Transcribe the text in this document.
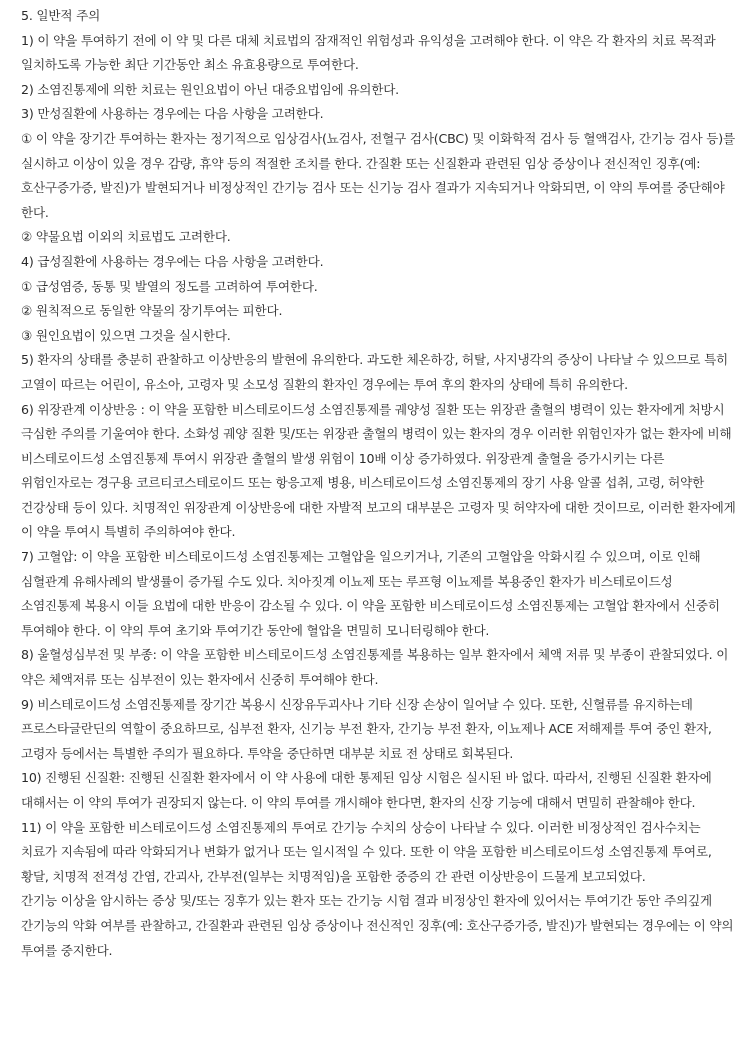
5. 일반적 주의

1) 이 약을 투여하기 전에 이 약 및 다른 대체 치료법의 잠재적인 위험성과 유익성을 고려해야 한다. 이 약은 각 환자의 치료 목적과 일치하도록 가능한 최단 기간동안 최소 유효용량으로 투여한다.

2) 소염진통제에 의한 치료는 원인요법이 아닌 대증요법임에 유의한다.

3) 만성질환에 사용하는 경우에는 다음 사항을 고려한다.

① 이 약을 장기간 투여하는 환자는 정기적으로 임상검사(뇨검사, 전혈구 검사(CBC) 및 이화학적 검사 등 혈액검사, 간기능 검사 등)를 실시하고 이상이 있을 경우 감량, 휴약 등의 적절한 조치를 한다. 간질환 또는 신질환과 관련된 임상 증상이나 전신적인 징후(예: 호산구증가증, 발진)가 발현되거나 비정상적인 간기능 검사 또는 신기능 검사 결과가 지속되거나 악화되면, 이 약의 투여를 중단해야 한다.

② 약물요법 이외의 치료법도 고려한다.

4) 급성질환에 사용하는 경우에는 다음 사항을 고려한다.

① 급성염증, 동통 및 발열의 정도를 고려하여 투여한다.

② 원칙적으로 동일한 약물의 장기투여는 피한다.

③ 원인요법이 있으면 그것을 실시한다.

5) 환자의 상태를 충분히 관찰하고 이상반응의 발현에 유의한다. 과도한 체온하강, 허탈, 사지냉각의 증상이 나타날 수 있으므로 특히 고열이 따르는 어린이, 유소아, 고령자 및 소모성 질환의 환자인 경우에는 투여 후의 환자의 상태에 특히 유의한다.

6) 위장관계 이상반응 : 이 약을 포함한 비스테로이드성 소염진통제를 궤양성 질환 또는 위장관 출혈의 병력이 있는 환자에게 처방시 극심한 주의를 기울여야 한다. 소화성 궤양 질환 및/또는 위장관 출혈의 병력이 있는 환자의 경우 이러한 위험인자가 없는 환자에 비해 비스테로이드성 소염진통제 투여시 위장관 출혈의 발생 위험이 10배 이상 증가하였다. 위장관계 출혈을 증가시키는 다른 위험인자로는 경구용 코르티코스테로이드 또는 항응고제 병용, 비스테로이드성 소염진통제의 장기 사용 알콜 섭취, 고령, 허약한 건강상태 등이 있다. 치명적인 위장관계 이상반응에 대한 자발적 보고의 대부분은 고령자 및 허약자에 대한 것이므로, 이러한 환자에게 이 약을 투여시 특별히 주의하여야 한다.

7) 고혈압: 이 약을 포함한 비스테로이드성 소염진통제는 고혈압을 일으키거나, 기존의 고혈압을 악화시킬 수 있으며, 이로 인해 심혈관계 유해사례의 발생률이 증가될 수도 있다. 치아짓계 이뇨제 또는 루프형 이뇨제를 복용중인 환자가 비스테로이드성 소염진통제 복용시 이들 요법에 대한 반응이 감소될 수 있다. 이 약을 포함한 비스테로이드성 소염진통제는 고혈압 환자에서 신중히 투여해야 한다. 이 약의 투여 초기와 투여기간 동안에 혈압을 면밀히 모니터링해야 한다.

8) 울혈성심부전 및 부종: 이 약을 포함한 비스테로이드성 소염진통제를 복용하는 일부 환자에서 체액 저류 및 부종이 관찰되었다. 이 약은 체액저류 또는 심부전이 있는 환자에서 신중히 투여해야 한다.

9) 비스테로이드성 소염진통제를 장기간 복용시 신장유두괴사나 기타 신장 손상이 일어날 수 있다. 또한, 신혈류를 유지하는데 프로스타글란딘의 역할이 중요하므로, 심부전 환자, 신기능 부전 환자, 간기능 부전 환자, 이뇨제나 ACE 저해제를 투여 중인 환자, 고령자 등에서는 특별한 주의가 필요하다. 투약을 중단하면 대부분 치료 전 상태로 회복된다.

10) 진행된 신질환: 진행된 신질환 환자에서 이 약 사용에 대한 통제된 임상 시험은 실시된 바 없다. 따라서, 진행된 신질환 환자에 대해서는 이 약의 투여가 권장되지 않는다. 이 약의 투여를 개시해야 한다면, 환자의 신장 기능에 대해서 면밀히 관찰해야 한다.

11) 이 약을 포함한 비스테로이드성 소염진통제의 투여로 간기능 수치의 상승이 나타날 수 있다. 이러한 비정상적인 검사수치는 치료가 지속됨에 따라 악화되거나 변화가 없거나 또는 일시적일 수 있다. 또한 이 약을 포함한 비스테로이드성 소염진통제 투여로, 황달, 치명적 전격성 간염, 간괴사, 간부전(일부는 치명적임)을 포함한 중증의 간 관련 이상반응이 드물게 보고되었다.

간기능 이상을 암시하는 증상 및/또는 징후가 있는 환자 또는 간기능 시험 결과 비정상인 환자에 있어서는 투여기간 동안 주의깊게 간기능의 악화 여부를 관찰하고, 간질환과 관련된 임상 증상이나 전신적인 징후(예: 호산구증가증, 발진)가 발현되는 경우에는 이 약의 투여를 중지한다.
